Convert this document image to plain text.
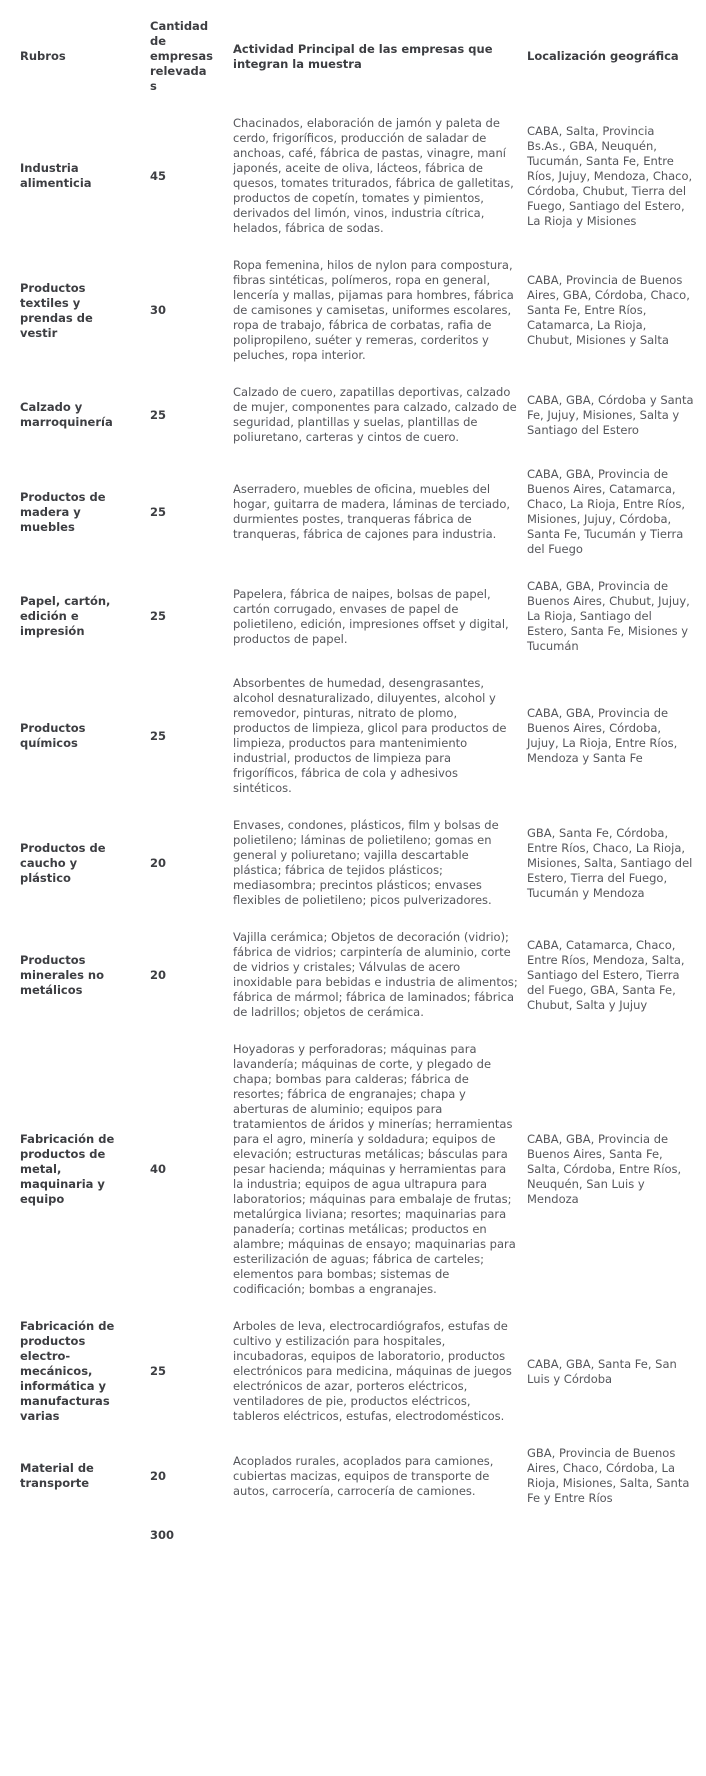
Rubros	Cantidad de empresas relevadas	Actividad Principal de las empresas que integran la muestra	Localización geográfica
Industria alimenticia	45	Chacinados, elaboración de jamón y paleta de cerdo, frigoríficos, producción de saladar de anchoas, café, fábrica de pastas, vinagre, maní japonés, aceite de oliva, lácteos, fábrica de quesos, tomates triturados, fábrica de galletitas, productos de copetín, tomates y pimientos, derivados del limón, vinos, industria cítrica, helados, fábrica de sodas.	CABA, Salta, Provincia Bs.As., GBA, Neuquén, Tucumán, Santa Fe, Entre Ríos, Jujuy, Mendoza, Chaco, Córdoba, Chubut, Tierra del Fuego, Santiago del Estero, La Rioja y Misiones
Productos textiles y prendas de vestir	30	Ropa femenina, hilos de nylon para compostura, fibras sintéticas, polímeros, ropa en general, lencería y mallas, pijamas para hombres, fábrica de camisones y camisetas, uniformes escolares, ropa de trabajo, fábrica de corbatas, rafia de polipropileno, suéter y remeras, corderitos y peluches, ropa interior.	CABA, Provincia de Buenos Aires, GBA, Córdoba, Chaco, Santa Fe, Entre Ríos, Catamarca, La Rioja, Chubut, Misiones y Salta
Calzado y marroquinería	25	Calzado de cuero, zapatillas deportivas, calzado de mujer, componentes para calzado, calzado de seguridad, plantillas y suelas, plantillas de poliuretano, carteras y cintos de cuero.	CABA, GBA, Córdoba y Santa Fe, Jujuy, Misiones, Salta y Santiago del Estero
Productos de madera y muebles	25	Aserradero, muebles de oficina, muebles del hogar, guitarra de madera, láminas de terciado, durmientes postes, tranqueras fábrica de tranqueras, fábrica de cajones para industria.	CABA, GBA, Provincia de Buenos Aires, Catamarca, Chaco, La Rioja, Entre Ríos, Misiones, Jujuy, Córdoba, Santa Fe, Tucumán y Tierra del Fuego
Papel, cartón, edición e impresión	25	Papelera, fábrica de naipes, bolsas de papel, cartón corrugado, envases de papel de polietileno, edición, impresiones offset y digital, productos de papel.	CABA, GBA, Provincia de Buenos Aires, Chubut, Jujuy, La Rioja, Santiago del Estero, Santa Fe, Misiones y Tucumán
Productos químicos	25	Absorbentes de humedad, desengrasantes, alcohol desnaturalizado, diluyentes, alcohol y removedor, pinturas, nitrato de plomo, productos de limpieza, glicol para productos de limpieza, productos para mantenimiento industrial, productos de limpieza para frigoríficos, fábrica de cola y adhesivos sintéticos.	CABA, GBA, Provincia de Buenos Aires, Córdoba, Jujuy, La Rioja, Entre Ríos, Mendoza y Santa Fe
Productos de caucho y plástico	20	Envases, condones, plásticos, film y bolsas de polietileno; láminas de polietileno; gomas en general y poliuretano; vajilla descartable plástica; fábrica de tejidos plásticos; mediasombra; precintos plásticos; envases flexibles de polietileno; picos pulverizadores.	GBA, Santa Fe, Córdoba, Entre Ríos, Chaco, La Rioja, Misiones, Salta, Santiago del Estero, Tierra del Fuego, Tucumán y Mendoza
Productos minerales no metálicos	20	Vajilla cerámica; Objetos de decoración (vidrio); fábrica de vidrios; carpintería de aluminio, corte de vidrios y cristales; Válvulas de acero inoxidable para bebidas e industria de alimentos; fábrica de mármol; fábrica de laminados; fábrica de ladrillos; objetos de cerámica.	CABA, Catamarca, Chaco, Entre Ríos, Mendoza, Salta, Santiago del Estero, Tierra del Fuego, GBA, Santa Fe, Chubut, Salta y Jujuy
Fabricación de productos de metal, maquinaria y equipo	40	Hoyadoras y perforadoras; máquinas para lavandería; máquinas de corte, y plegado de chapa; bombas para calderas; fábrica de resortes; fábrica de engranajes; chapa y aberturas de aluminio; equipos para tratamientos de áridos y minerías; herramientas para el agro, minería y soldadura; equipos de elevación; estructuras metálicas; básculas para pesar hacienda; máquinas y herramientas para la industria; equipos de agua ultrapura para laboratorios; máquinas para embalaje de frutas; metalúrgica liviana; resortes; maquinarias para panadería; cortinas metálicas; productos en alambre; máquinas de ensayo; maquinarias para esterilización de aguas; fábrica de carteles; elementos para bombas; sistemas de codificación; bombas a engranajes.	CABA, GBA, Provincia de Buenos Aires, Santa Fe, Salta, Córdoba, Entre Ríos, Neuquén, San Luis y Mendoza
Fabricación de productos electro-mecánicos, informática y manufacturas varias	25	Arboles de leva, electrocardiógrafos, estufas de cultivo y estilización para hospitales, incubadoras, equipos de laboratorio, productos electrónicos para medicina, máquinas de juegos electrónicos de azar, porteros eléctricos, ventiladores de pie, productos eléctricos, tableros eléctricos, estufas, electrodomésticos.	CABA, GBA, Santa Fe, San Luis y Córdoba
Material de transporte	20	Acoplados rurales, acoplados para camiones, cubiertas macizas, equipos de transporte de autos, carrocería, carrocería de camiones.	GBA, Provincia de Buenos Aires, Chaco, Córdoba, La Rioja, Misiones, Salta, Santa Fe y Entre Ríos
	300		
